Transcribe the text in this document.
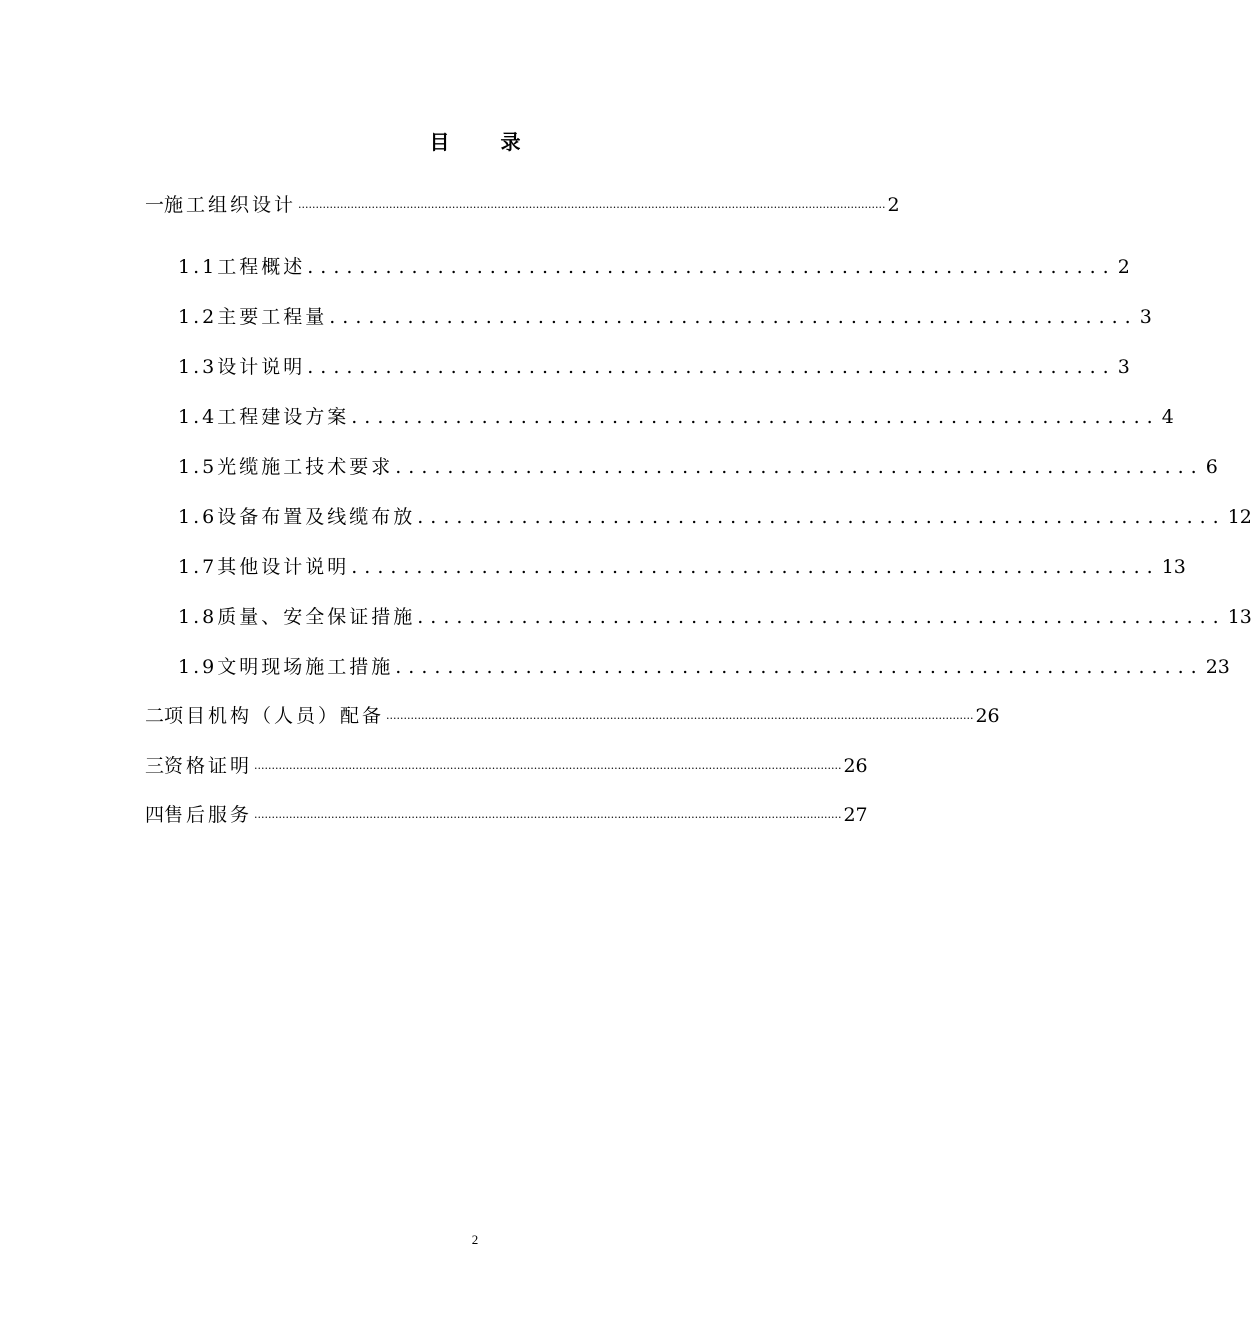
目 录
一 施工组织设计 ........................................................................................................................................................................ 2
1.1 工程概述 .............................................................. 2
1.2 主要工程量 .............................................................. 3
1.3 设计说明 .............................................................. 3
1.4 工程建设方案 .............................................................. 4
1.5 光缆施工技术要求 .............................................................. 6
1.6 设备布置及线缆布放 .............................................................. 12
1.7 其他设计说明 .............................................................. 13
1.8 质量、安全保证措施 .............................................................. 13
1.9 文明现场施工措施 .............................................................. 23
二 项目机构（人员）配备 ........................................................................................................................................................................ 26
三 资格证明 ........................................................................................................................................................................ 26
四 售后服务 ........................................................................................................................................................................ 27
2
